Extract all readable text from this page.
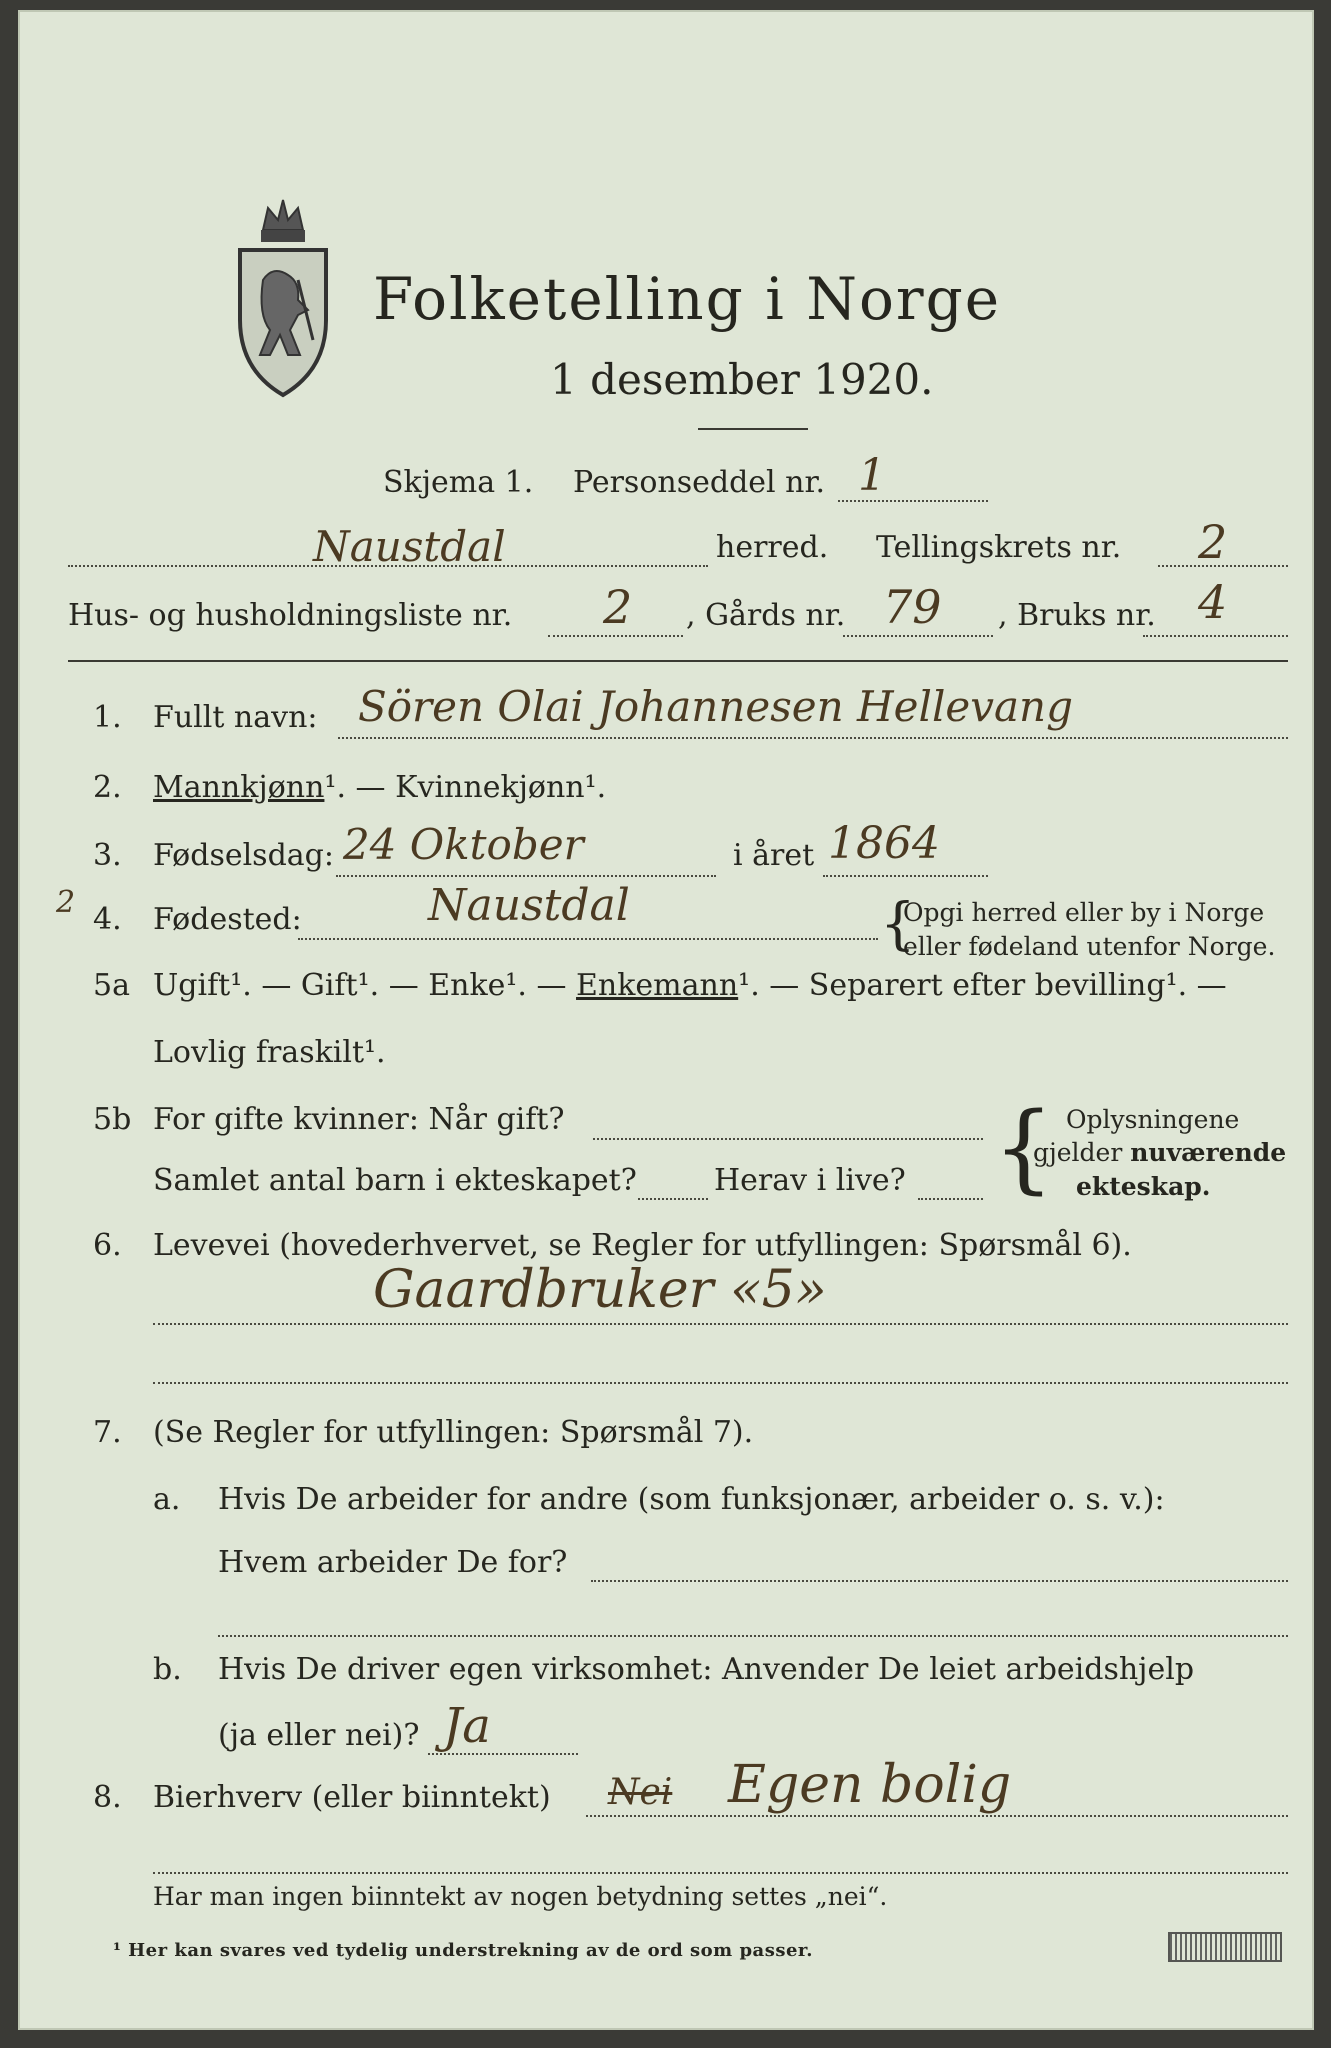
Folketelling i Norge
1 desember 1920.
Skjema 1. Personseddel nr. 1
Naustdal	herred. Tellingskrets nr. 2
Hus- og husholdningsliste nr. 2 , Gårds nr. 79 , Bruks nr. 4
1. Fullt navn: Sören Olai Johannesen Hellevang
2. Mannkjønn¹. — Kvinnekjønn¹.
3. Fødselsdag: 24 Oktober	i året 1864
2 4. Fødested:	Naustdal	{
Opgi herred eller by i Norge
eller fødeland utenfor Norge.
5a Ugift¹. — Gift¹. — Enke¹. — Enkemann¹. — Separert efter bevilling¹. —
Lovlig fraskilt¹.
5b For gifte kvinner: Når gift?
Samlet antal barn i ekteskapet?	Herav i live? { Oplysningene
gjelder nuværende
ekteskap.
6. Levevei (hovederhvervet, se Regler for utfyllingen: Spørsmål 6).
Gaardbruker «5»
7. (Se Regler for utfyllingen: Spørsmål 7).
a. Hvis De arbeider for andre (som funksjonær, arbeider o. s. v.):
Hvem arbeider De for?
b. Hvis De driver egen virksomhet: Anvender De leiet arbeidshjelp
(ja eller nei)? Ja
8. Bierhverv (eller biinntekt) Nei Egen bolig
Har man ingen biinntekt av nogen betydning settes „nei“.
¹ Her kan svares ved tydelig understrekning av de ord som passer.
